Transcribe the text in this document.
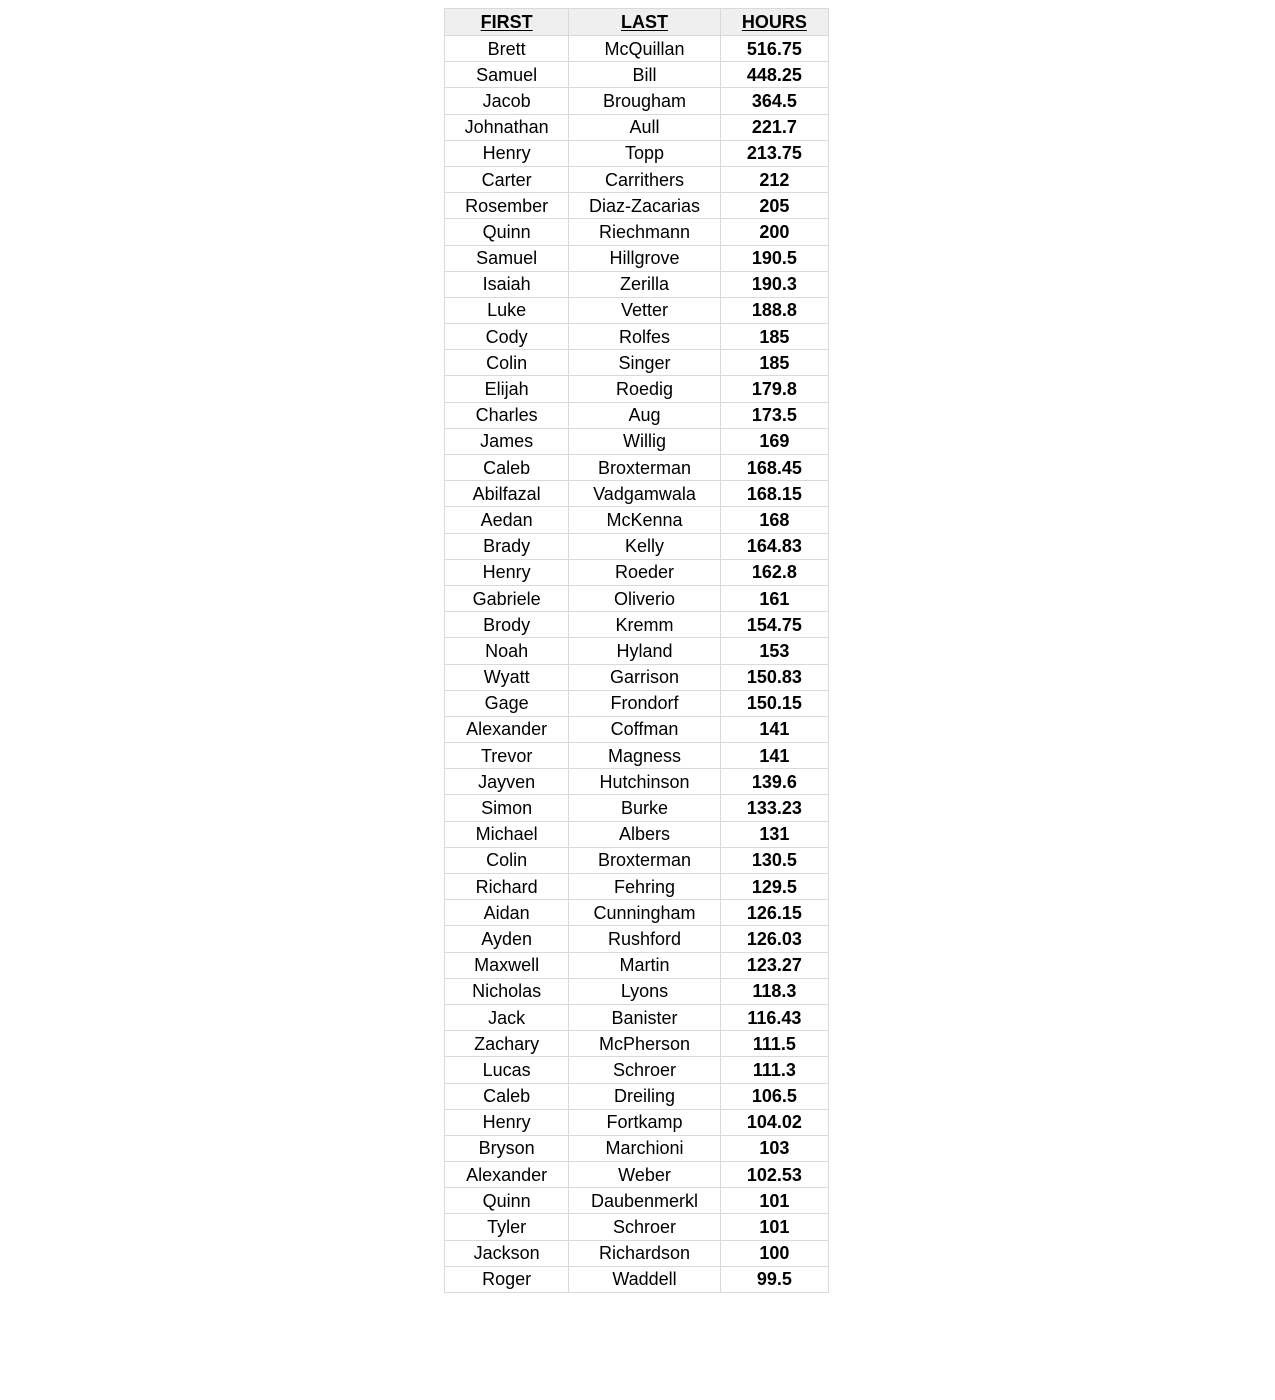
FIRST	LAST	HOURS
Brett	McQuillan	516.75
Samuel	Bill	448.25
Jacob	Brougham	364.5
Johnathan	Aull	221.7
Henry	Topp	213.75
Carter	Carrithers	212
Rosember	Diaz-Zacarias	205
Quinn	Riechmann	200
Samuel	Hillgrove	190.5
Isaiah	Zerilla	190.3
Luke	Vetter	188.8
Cody	Rolfes	185
Colin	Singer	185
Elijah	Roedig	179.8
Charles	Aug	173.5
James	Willig	169
Caleb	Broxterman	168.45
Abilfazal	Vadgamwala	168.15
Aedan	McKenna	168
Brady	Kelly	164.83
Henry	Roeder	162.8
Gabriele	Oliverio	161
Brody	Kremm	154.75
Noah	Hyland	153
Wyatt	Garrison	150.83
Gage	Frondorf	150.15
Alexander	Coffman	141
Trevor	Magness	141
Jayven	Hutchinson	139.6
Simon	Burke	133.23
Michael	Albers	131
Colin	Broxterman	130.5
Richard	Fehring	129.5
Aidan	Cunningham	126.15
Ayden	Rushford	126.03
Maxwell	Martin	123.27
Nicholas	Lyons	118.3
Jack	Banister	116.43
Zachary	McPherson	111.5
Lucas	Schroer	111.3
Caleb	Dreiling	106.5
Henry	Fortkamp	104.02
Bryson	Marchioni	103
Alexander	Weber	102.53
Quinn	Daubenmerkl	101
Tyler	Schroer	101
Jackson	Richardson	100
Roger	Waddell	99.5
